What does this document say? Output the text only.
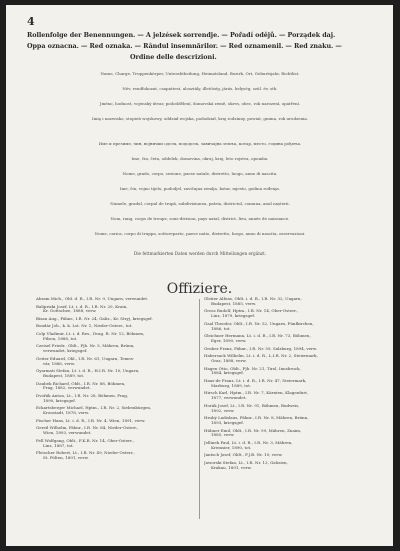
4
Rollenfolge der Benennungen. — A jelzések sorrendje. — Pořadí odějů. — Porządek daj.
Oppa oznacna. — Red oznaka. — Rândul insemnărilor. — Red oznamenil. — Red znaku. —
Ordine delle descrizioni.
Name, Charge, Truppenkörper, Unterabtheilung, Heimatsland, Bezirk, Ort, Geburtsjahr, Richtlist.
Név, rendfokozat, csapattest, alosztály, illetőség, járás, helység, szül. év, stb.
Jméno, hodnost, vojenský útvar, pododdělení, domovská země, okres, obec, rok narození, opatření.
Imię i nazwisko, stopień wojskowy, oddział wojska, pododział, kraj rodzinny, powiat, gmina, rok urodzenia.
Име и презиме, чин, војнички одсек, пододсек, завичајна земља, котар, место, година рођења.
Ime, čin, četa, oddelek, domovina, okraj, kraj, leto rojstva, opomba.
Nome, grado, corpo, sezione, paese natale, distretto, luogo, anno di nascita.
Ime, čin, vojno tijelo, pododjel, zavičajna zemlja, kotar, mjesto, godina rođenja.
Numele, gradul, corpul de trupă, subdiviziunea, patria, districtul, comuna, anul nașterii.
Nom, rang, corps de troupe, sous-division, pays natal, district, lieu, année de naissance.
Nome, carica, corpo di truppa, sottoreparto, paese natio, distretto, luogo, anno di nascita, osservazioni.
Die fettmarkierten Daten werden durch Mitteilungen ergänzt.
Offiziere.
Abram Mich., Obl. d. R., I.R. Nr. 9, Ungarn, verwundet.
Baliprizki Josef, Lt. i. d. R., I.R. Nr. 20, Krain,
Kr. Gottschee, 1888, verw.
Bisan Aug., Fähnr., I.R. Nr. 24, Galiz., Kr. Stryj, kriegsgef.
Bondár Joh., k. k. Lst. Nr. 1, Nieder-Österr., tot.
Colp Vladimir, Lt. i. d. Res., Drag. R. Nr. 12, Böhmen,
Pilsen, 1888, tot.
Czeisel Friedr., Oblt., Fjb. Nr. 5, Mähren, Brünn,
verwundet, kriegsgef.
Geiter Eduard, Obl., I.R. Nr. 61, Ungarn, Temes-
vár, 1886, verw.
Gyarmati Stefan, Lt. i. d. R., H.I.R. Nr. 10, Ungarn,
Budapest, 1889, tot.
Daubek Richard, Oblt., I.R. Nr. 88, Böhmen,
Prag, 1882, verwundet.
Dvořák Anton, Lt., I.R. Nr. 28, Böhmen, Prag,
1890, kriegsgef.
Eckartsberger Michael, Hptm., I.R. Nr. 2, Siebenbürgen,
Kronstadt, 1878, verw.
Fischer Hans, Lt. i. d. R., I.R. Nr. 4, Wien, 1891, verw.
Gerstl Wilhelm, Fähnr., I.R. Nr. 84, Nieder-Österr.,
Wien, 1893, verwundet.
Fell Wolfgang, Oblt., F.K.R. Nr. 14, Ober-Österr.,
Linz, 1887, tot.
Fleischer Robert, Lt., I.R. Nr. 49, Nieder-Österr.,
St. Pölten, 1891, verw.
Gleiter Alfons, Oblt. i. d. R., I.R. Nr. 32, Ungarn,
Budapest, 1885, verw.
Gross Rudolf, Hptm., I.R. Nr. 14, Ober-Österr.,
Linz, 1879, kriegsgef.
Gaal Theodor, Oblt., I.R. Nr. 52, Ungarn, Fünfkirchen,
1886, tot.
Gleichner Hermann, Lt. i. d. R., I.R. Nr. 73, Böhmen,
Eger, 1890, verw.
Gruber Franz, Fähnr., I.R. Nr. 59, Salzburg, 1894, verw.
Habersack Wilhelm, Lt. i. d. R., L.I.R. Nr. 2, Steiermark,
Graz, 1888, verw.
Hagen Otto, Oblt., Fjb. Nr. 21, Tirol, Innsbruck,
1884, kriegsgef.
Haas-de Franz, Lt. i. d. R., I.R. Nr. 47, Steiermark,
Marburg, 1889, tot.
Hirsch Karl, Hptm., I.R. Nr. 7, Kärnten, Klagenfurt,
1877, verwundet.
Horák Josef, Lt., I.R. Nr. 91, Böhmen, Budweis,
1892, verw.
Hrubý Ladislaus, Fähnr., I.R. Nr. 8, Mähren, Brünn,
1893, kriegsgef.
Hübner Emil, Oblt., I.R. Nr. 99, Mähren, Znaim,
1885, verw.
Jellinek Paul, Lt. i. d. R., I.R. Nr. 3, Mähren,
Kremsier, 1890, tot.
Jantsch Josef, Oblt., F.J.B. Nr. 10, verw.
Jaworski Stefan, Lt., I.R. Nr. 13, Galizien,
Krakau, 1891, verw.
